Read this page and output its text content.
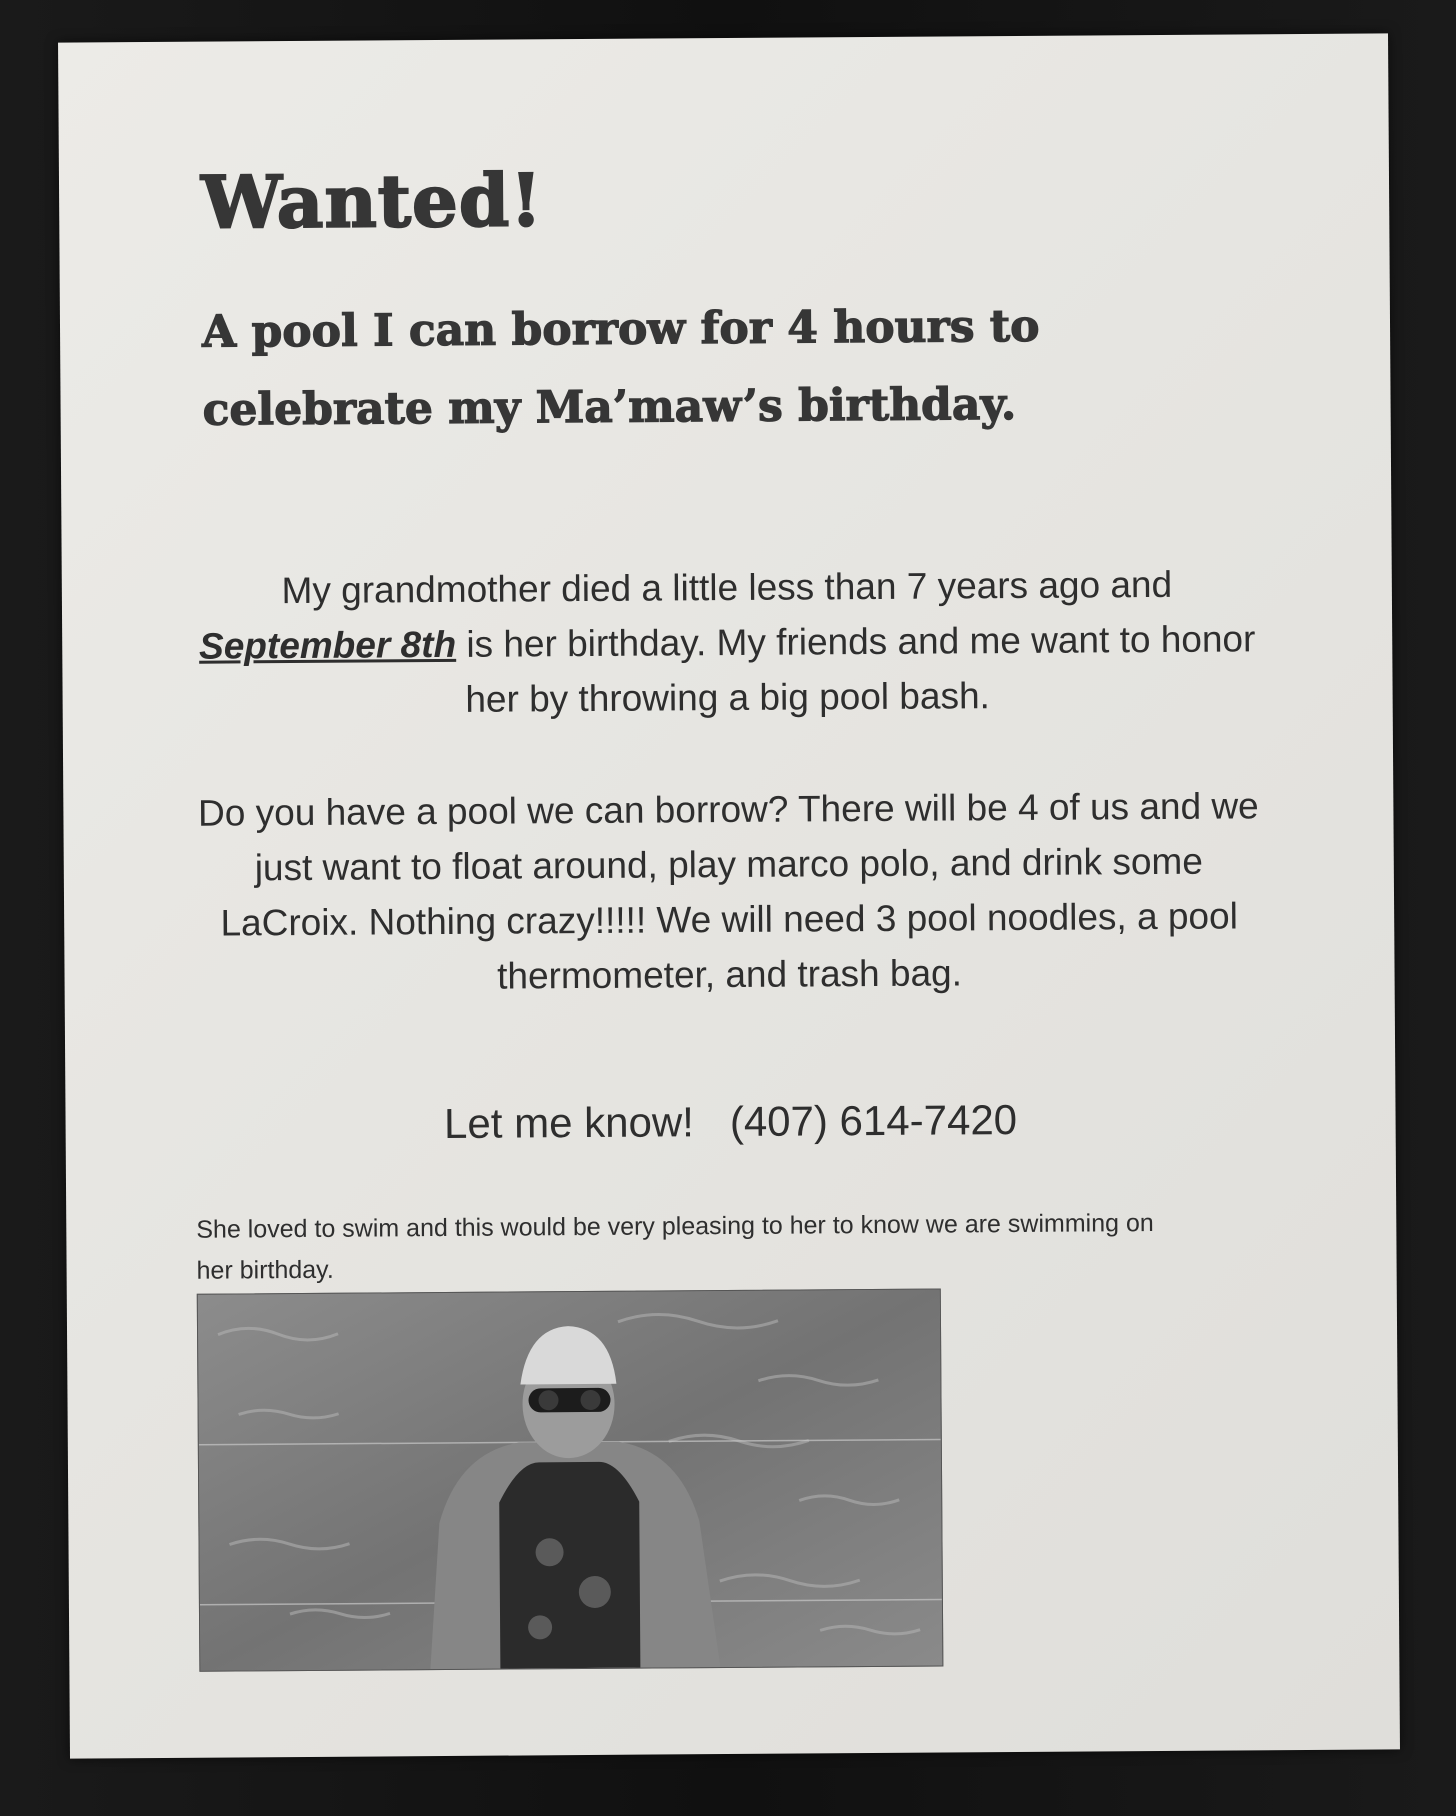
Wanted!
A pool I can borrow for 4 hours to celebrate my Ma’maw’s birthday.

My grandmother died a little less than 7 years ago and September 8th is her birthday. My friends and me want to honor her by throwing a big pool bash.

Do you have a pool we can borrow? There will be 4 of us and we just want to float around, play marco polo, and drink some LaCroix. Nothing crazy!!!!! We will need 3 pool noodles, a pool thermometer, and trash bag.

Let me know! (407) 614-7420

She loved to swim and this would be very pleasing to her to know we are swimming on her birthday.
